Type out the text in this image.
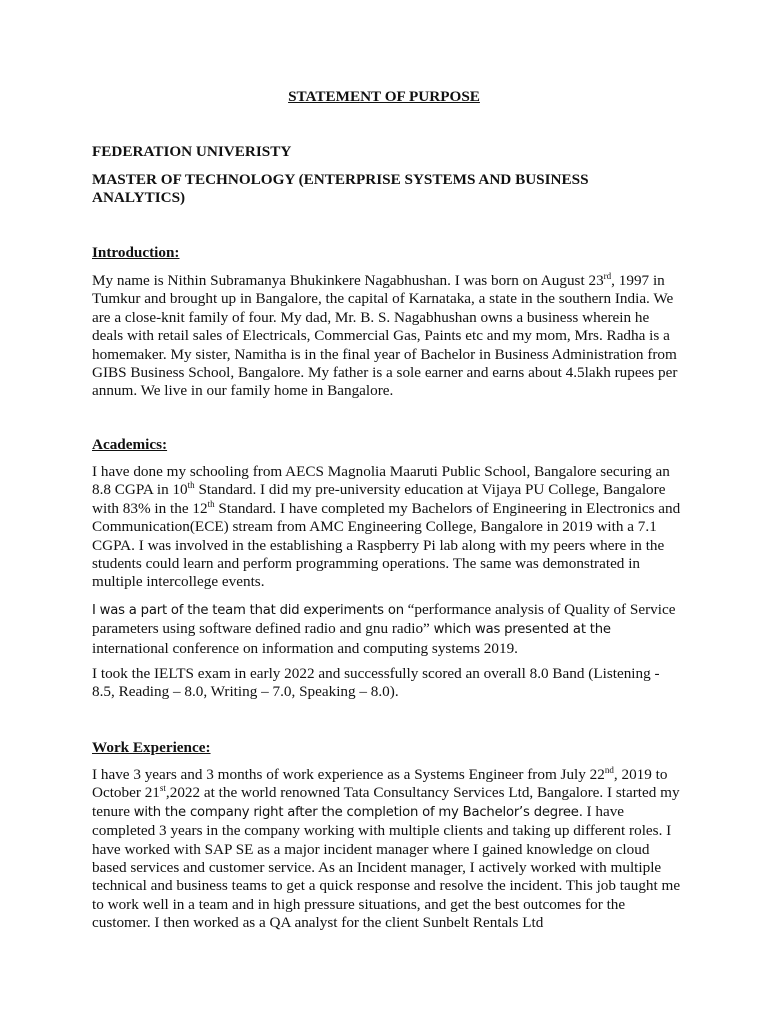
STATEMENT OF PURPOSE
FEDERATION UNIVERISTY
MASTER OF TECHNOLOGY (ENTERPRISE SYSTEMS AND BUSINESS ANALYTICS)
Introduction:
My name is Nithin Subramanya Bhukinkere Nagabhushan. I was born on August 23rd, 1997 in Tumkur and brought up in Bangalore, the capital of Karnataka, a state in the southern India. We are a close-knit family of four. My dad, Mr. B. S. Nagabhushan owns a business wherein he deals with retail sales of Electricals, Commercial Gas, Paints etc and my mom, Mrs. Radha is a homemaker. My sister, Namitha is in the final year of Bachelor in Business Administration from GIBS Business School, Bangalore. My father is a sole earner and earns about 4.5lakh rupees per annum. We live in our family home in Bangalore.
Academics:
I have done my schooling from AECS Magnolia Maaruti Public School, Bangalore securing an 8.8 CGPA in 10th Standard. I did my pre-university education at Vijaya PU College, Bangalore with 83% in the 12th Standard. I have completed my Bachelors of Engineering in Electronics and Communication(ECE) stream from AMC Engineering College, Bangalore in 2019 with a 7.1 CGPA. I was involved in the establishing a Raspberry Pi lab along with my peers where in the students could learn and perform programming operations. The same was demonstrated in multiple intercollege events.
I was a part of the team that did experiments on “performance analysis of Quality of Service parameters using software defined radio and gnu radio” which was presented at the international conference on information and computing systems 2019.
I took the IELTS exam in early 2022 and successfully scored an overall 8.0 Band (Listening - 8.5, Reading – 8.0, Writing – 7.0, Speaking – 8.0).
Work Experience:
I have 3 years and 3 months of work experience as a Systems Engineer from July 22nd, 2019 to October 21st,2022 at the world renowned Tata Consultancy Services Ltd, Bangalore. I started my tenure with the company right after the completion of my Bachelor’s degree. I have completed 3 years in the company working with multiple clients and taking up different roles. I have worked with SAP SE as a major incident manager where I gained knowledge on cloud based services and customer service. As an Incident manager, I actively worked with multiple technical and business teams to get a quick response and resolve the incident. This job taught me to work well in a team and in high pressure situations, and get the best outcomes for the customer. I then worked as a QA analyst for the client Sunbelt Rentals Ltd
